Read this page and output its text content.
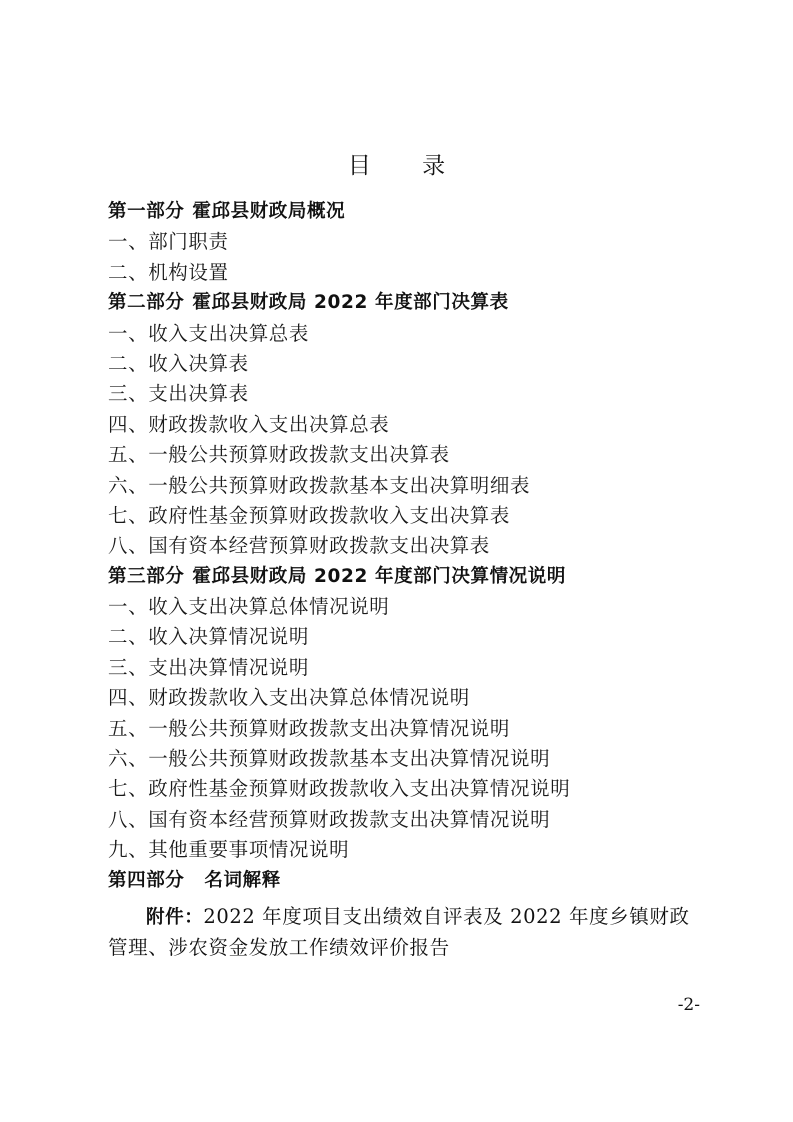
目 录
第一部分 霍邱县财政局概况
一、部门职责
二、机构设置
第二部分 霍邱县财政局 2022 年度部门决算表
一、收入支出决算总表
二、收入决算表
三、支出决算表
四、财政拨款收入支出决算总表
五、一般公共预算财政拨款支出决算表
六、一般公共预算财政拨款基本支出决算明细表
七、政府性基金预算财政拨款收入支出决算表
八、国有资本经营预算财政拨款支出决算表
第三部分 霍邱县财政局 2022 年度部门决算情况说明
一、收入支出决算总体情况说明
二、收入决算情况说明
三、支出决算情况说明
四、财政拨款收入支出决算总体情况说明
五、一般公共预算财政拨款支出决算情况说明
六、一般公共预算财政拨款基本支出决算情况说明
七、政府性基金预算财政拨款收入支出决算情况说明
八、国有资本经营预算财政拨款支出决算情况说明
九、其他重要事项情况说明
第四部分 名词解释
附件：2022 年度项目支出绩效自评表及 2022 年度乡镇财政
管理、涉农资金发放工作绩效评价报告
-2-
